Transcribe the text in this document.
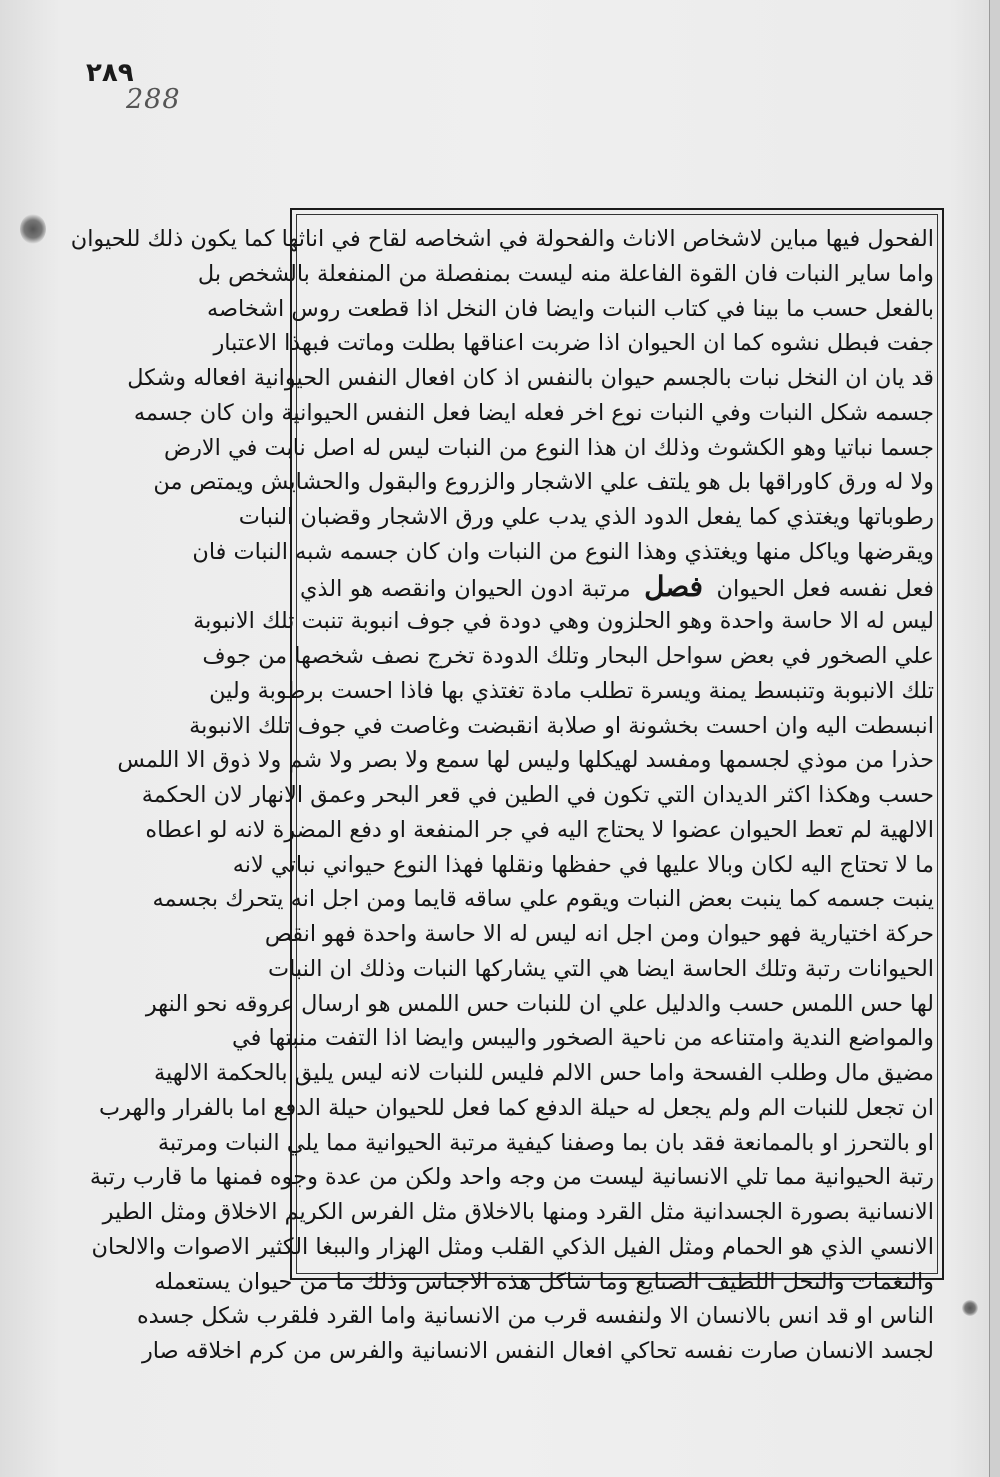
٢٨٩
288
الفحول فيها مباين لاشخاص الاناث والفحولة في اشخاصه لقاح في اناثها كما يكون ذلك للحيوان
واما ساير النبات فان القوة الفاعلة منه ليست بمنفصلة من المنفعلة بالشخص بل
بالفعل حسب ما بينا في كتاب النبات وايضا فان النخل اذا قطعت روس اشخاصه
جفت فبطل نشوه كما ان الحيوان اذا ضربت اعناقها بطلت وماتت فبهذا الاعتبار
قد يان ان النخل نبات بالجسم حيوان بالنفس اذ كان افعال النفس الحيوانية افعاله وشكل
جسمه شكل النبات وفي النبات نوع اخر فعله ايضا فعل النفس الحيوانية وان كان جسمه
جسما نباتيا وهو الكشوث وذلك ان هذا النوع من النبات ليس له اصل نابت في الارض
ولا له ورق كاوراقها بل هو يلتف علي الاشجار والزروع والبقول والحشايش ويمتص من
رطوباتها ويغتذي كما يفعل الدود الذي يدب علي ورق الاشجار وقضبان النبات
ويقرضها وياكل منها ويغتذي وهذا النوع من النبات وان كان جسمه شبه النبات فان
فعل نفسه فعل الحيوان فصل مرتبة ادون الحيوان وانقصه هو الذي
ليس له الا حاسة واحدة وهو الحلزون وهي دودة في جوف انبوبة تنبت تلك الانبوبة
علي الصخور في بعض سواحل البحار وتلك الدودة تخرج نصف شخصها من جوف
تلك الانبوبة وتنبسط يمنة ويسرة تطلب مادة تغتذي بها فاذا احست برطوبة ولين
انبسطت اليه وان احست بخشونة او صلابة انقبضت وغاصت في جوف تلك الانبوبة
حذرا من موذي لجسمها ومفسد لهيكلها وليس لها سمع ولا بصر ولا شم ولا ذوق الا اللمس
حسب وهكذا اكثر الديدان التي تكون في الطين في قعر البحر وعمق الانهار لان الحكمة
الالهية لم تعط الحيوان عضوا لا يحتاج اليه في جر المنفعة او دفع المضرة لانه لو اعطاه
ما لا تحتاج اليه لكان وبالا عليها في حفظها ونقلها فهذا النوع حيواني نباتي لانه
ينبت جسمه كما ينبت بعض النبات ويقوم علي ساقه قايما ومن اجل انه يتحرك بجسمه
حركة اختيارية فهو حيوان ومن اجل انه ليس له الا حاسة واحدة فهو انقص
الحيوانات رتبة وتلك الحاسة ايضا هي التي يشاركها النبات وذلك ان النبات
لها حس اللمس حسب والدليل علي ان للنبات حس اللمس هو ارسال عروقه نحو النهر
والمواضع الندية وامتناعه من ناحية الصخور واليبس وايضا اذا التفت منبتها في
مضيق مال وطلب الفسحة واما حس الالم فليس للنبات لانه ليس يليق بالحكمة الالهية
ان تجعل للنبات الم ولم يجعل له حيلة الدفع كما فعل للحيوان حيلة الدفع اما بالفرار والهرب
او بالتحرز او بالممانعة فقد بان بما وصفنا كيفية مرتبة الحيوانية مما يلي النبات ومرتبة
رتبة الحيوانية مما تلي الانسانية ليست من وجه واحد ولكن من عدة وجوه فمنها ما قارب رتبة
الانسانية بصورة الجسدانية مثل القرد ومنها بالاخلاق مثل الفرس الكريم الاخلاق ومثل الطير
الانسي الذي هو الحمام ومثل الفيل الذكي القلب ومثل الهزار والببغا الكثير الاصوات والالحان
والنغمات والنحل اللطيف الصنايع وما شاكل هذه الاجناس وذلك ما من حيوان يستعمله
الناس او قد انس بالانسان الا ولنفسه قرب من الانسانية واما القرد فلقرب شكل جسده
لجسد الانسان صارت نفسه تحاكي افعال النفس الانسانية والفرس من كرم اخلاقه صار
